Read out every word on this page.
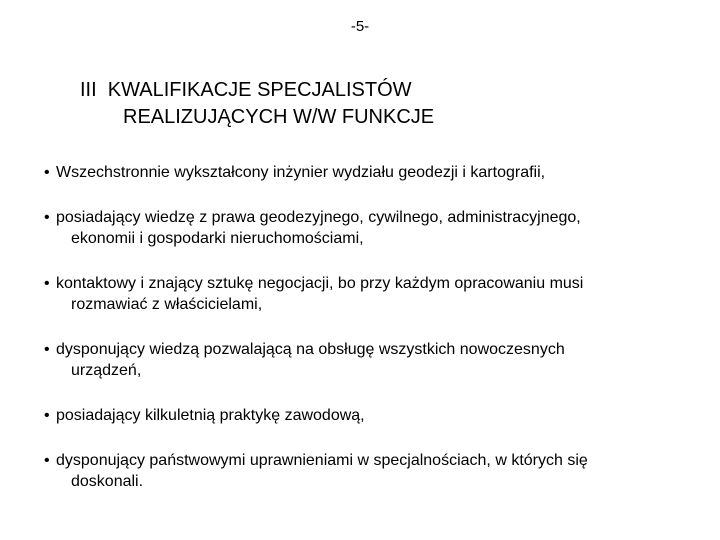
-5-
III  KWALIFIKACJE SPECJALISTÓW
REALIZUJĄCYCH W/W FUNKCJE
• Wszechstronnie wykształcony inżynier wydziału geodezji i kartografii,
• posiadający wiedzę z prawa geodezyjnego, cywilnego, administracyjnego,
ekonomii i gospodarki nieruchomościami,
• kontaktowy i znający sztukę negocjacji, bo przy każdym opracowaniu musi
rozmawiać z właścicielami,
• dysponujący wiedzą pozwalającą na obsługę wszystkich nowoczesnych
urządzeń,
• posiadający kilkuletnią praktykę zawodową,
• dysponujący państwowymi uprawnieniami w specjalnościach, w których się
doskonali.
